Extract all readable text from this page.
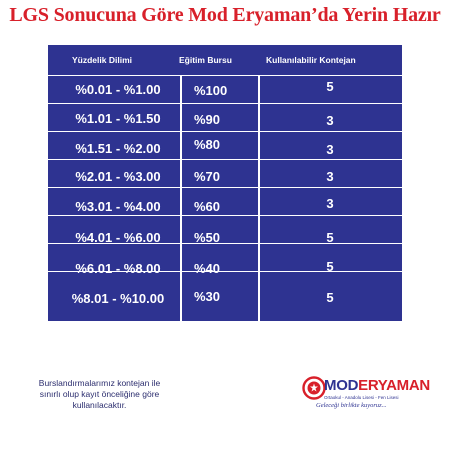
LGS Sonucuna Göre Mod Eryaman’da Yerin Hazır
Yüzdelik Dilimi	Eğitim Bursu	Kullanılabilir Kontejan
%0.01 - %1.00	%100	5
%1.01 - %1.50	%90	3
%1.51 - %2.00	%80	3
%2.01 - %3.00	%70	3
%3.01 - %4.00	%60	3
%4.01 - %6.00	%50	5
%6.01 - %8.00	%40	5
%8.01 - %10.00	%30	5
Burslandırmalarımız kontejan ile
sınırlı olup kayıt önceliğine göre
kullanılacaktır.
MODERYAMAN
Ortaokul - Anadolu Lisesi - Fen Lisesi
Geleceği birlikte kuyoruz...
